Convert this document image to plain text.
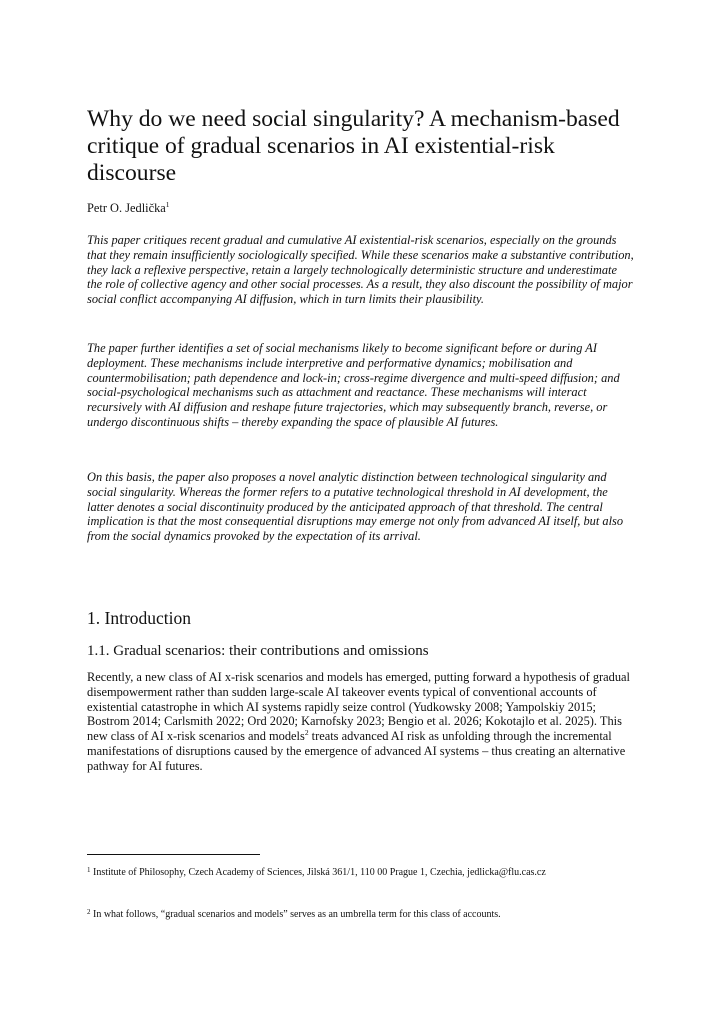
Why do we need social singularity? A mechanism-based critique of gradual scenarios in AI existential-risk discourse
Petr O. Jedlička$^1$

This paper critiques recent gradual and cumulative AI existential-risk scenarios, especially on the grounds that they remain insufficiently sociologically specified. While these scenarios make a substantive contribution, they lack a reflexive perspective, retain a largely technologically deterministic structure and underestimate the role of collective agency and other social processes. As a result, they also discount the possibility of major social conflict accompanying AI diffusion, which in turn limits their plausibility.

The paper further identifies a set of social mechanisms likely to become significant before or during AI deployment. These mechanisms include interpretive and performative dynamics; mobilisation and countermobilisation; path dependence and lock-in; cross-regime divergence and multi-speed diffusion; and social-psychological mechanisms such as attachment and reactance. These mechanisms will interact recursively with AI diffusion and reshape future trajectories, which may subsequently branch, reverse, or undergo discontinuous shifts – thereby expanding the space of plausible AI futures.

On this basis, the paper also proposes a novel analytic distinction between technological singularity and social singularity. Whereas the former refers to a putative technological threshold in AI development, the latter denotes a social discontinuity produced by the anticipated approach of that threshold. The central implication is that the most consequential disruptions may emerge not only from advanced AI itself, but also from the social dynamics provoked by the expectation of its arrival.

1. Introduction
1.1. Gradual scenarios: their contributions and omissions

Recently, a new class of AI x-risk scenarios and models has emerged, putting forward a hypothesis of gradual disempowerment rather than sudden large-scale AI takeover events typical of conventional accounts of existential catastrophe in which AI systems rapidly seize control (Yudkowsky 2008; Yampolskiy 2015; Bostrom 2014; Carlsmith 2022; Ord 2020; Karnofsky 2023; Bengio et al. 2026; Kokotajlo et al. 2025). This new class of AI x-risk scenarios and models$^2$ treats advanced AI risk as unfolding through the incremental manifestations of disruptions caused by the emergence of advanced AI systems – thus creating an alternative pathway for AI futures.

$^1$ Institute of Philosophy, Czech Academy of Sciences, Jilská 361/1, 110 00 Prague 1, Czechia, jedlicka@flu.cas.cz

$^2$ In what follows, “gradual scenarios and models” serves as an umbrella term for this class of accounts.
